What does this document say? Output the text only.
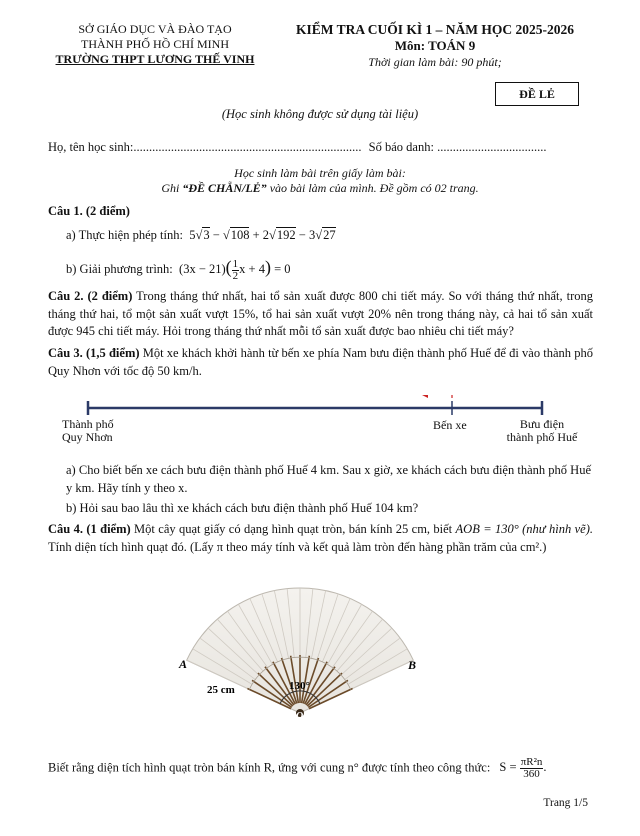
SỞ GIÁO DỤC VÀ ĐÀO TẠO
THÀNH PHỐ HỒ CHÍ MINH
TRƯỜNG THPT LƯƠNG THẾ VINH
KIỂM TRA CUỐI KÌ 1 – NĂM HỌC 2025-2026
Môn: TOÁN 9
Thời gian làm bài: 90 phút;
ĐỀ LẺ
(Học sinh không được sử dụng tài liệu)
Họ, tên học sinh:......................................................................... Số báo danh: ...................................
Học sinh làm bài trên giấy làm bài:
Ghi “ĐỀ CHẴN/LẺ” vào bài làm của mình. Đề gồm có 02 trang.
Câu 1. (2 điểm)
a) Thực hiện phép tính:  5√3 − √108 + 2√192 − 3√27
b) Giải phương trình:  $(3x - 21)( \frac{1}{2}$ x + 4) = 0
Câu 2. (2 điểm) Trong tháng thứ nhất, hai tổ sản xuất được 800 chi tiết máy. So với tháng thứ nhất, trong tháng thứ hai, tổ một sản xuất vượt 15%, tổ hai sản xuất vượt 20% nên trong tháng này, cả hai tổ sản xuất được 945 chi tiết máy. Hỏi trong tháng thứ nhất mỗi tổ sản xuất được bao nhiêu chi tiết máy?
Câu 3. (1,5 điểm) Một xe khách khởi hành từ bến xe phía Nam bưu điện thành phố Huế để đi vào thành phố Quy Nhơn với tốc độ 50 km/h.
Thành phố
Quy Nhơn
Bến xe	Bưu điện
thành phố Huế
a) Cho biết bến xe cách bưu điện thành phố Huế 4 km. Sau x giờ, xe khách cách bưu điện thành phố Huế y km. Hãy tính y theo x.
b) Hỏi sau bao lâu thì xe khách cách bưu điện thành phố Huế 104 km?
Câu 4. (1 điểm) Một cây quạt giấy có dạng hình quạt tròn, bán kính 25 cm, biết AOB = 130° (như hình vẽ). Tính diện tích hình quạt đó. (Lấy π theo máy tính và kết quả làm tròn đến hàng phần trăm của cm².)
A	B
O
130°
25 cm
Biết rằng diện tích hình quạt tròn bán kính R, ứng với cung n° được tính theo công thức: $S = \frac{\text{πR²n}}{360}$ .
Trang 1/5
